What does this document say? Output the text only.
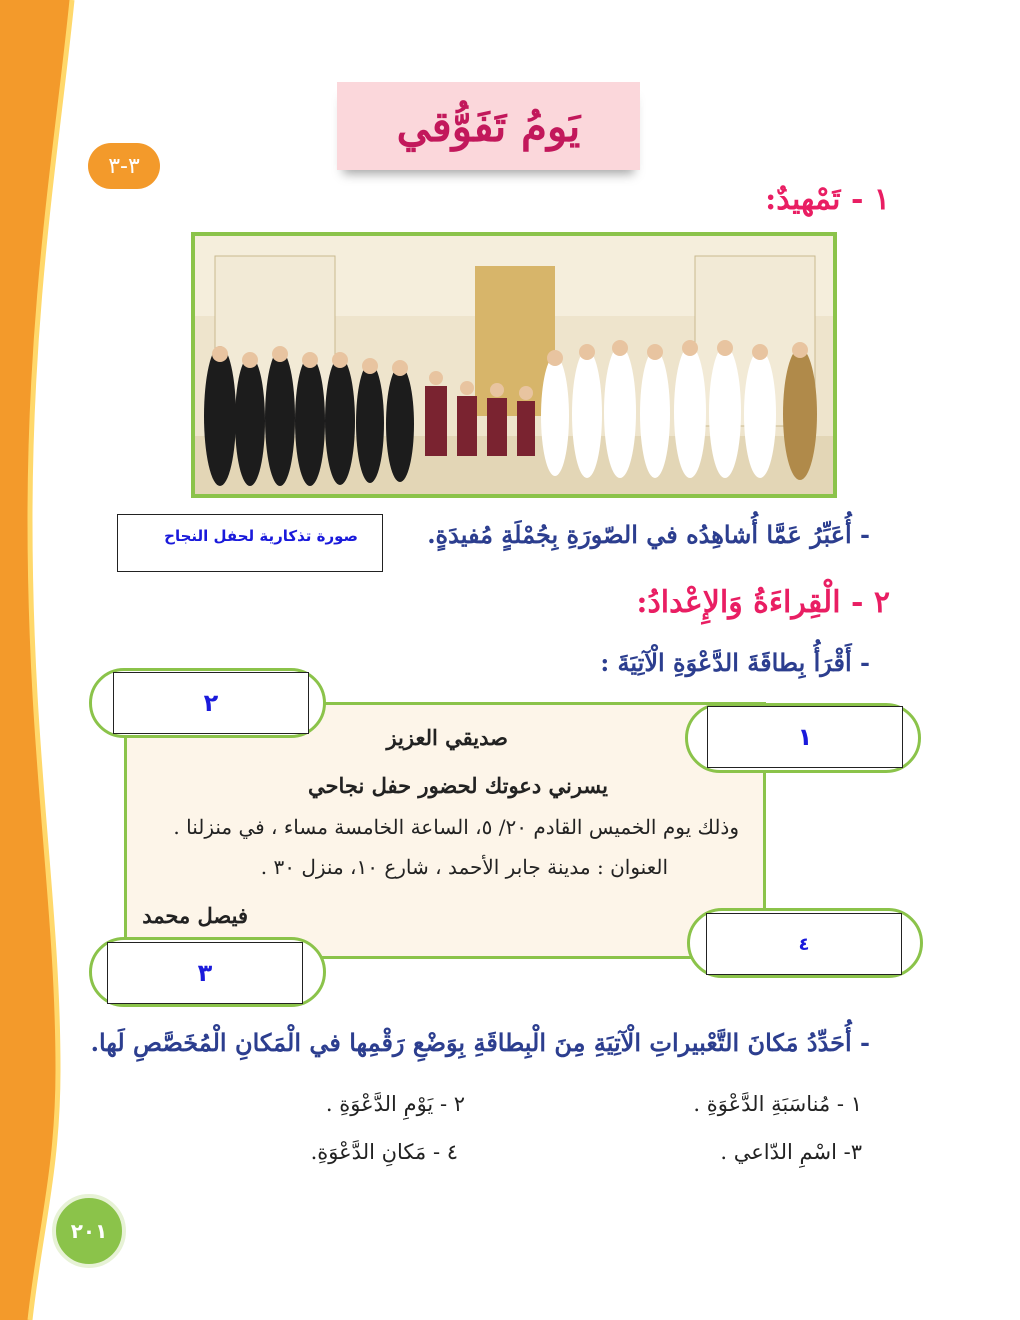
يَومُ تَفَوُّقي
٣-٣
١ - تَمْهيدٌ:
- أُعَبِّرُ عَمَّا أُشاهِدُه في الصّورَةِ بِجُمْلَةٍ مُفيدَةٍ.
صورة تذكارية لحفل النجاح
٢ - الْقِراءَةُ وَالإِعْدادُ:
- أَقْرَأُ بِطاقَةَ الدَّعْوَةِ الْآتِيَةَ :
صديقي العزيز
يسرني دعوتك لحضور حفل نجاحي
وذلك يوم الخميس القادم ٢٠/ ٥، الساعة الخامسة مساء ، في منزلنا .
العنوان : مدينة جابر الأحمد ، شارع ١٠، منزل ٣٠ .
فيصل محمد
٢
١
٤
٣
- أُحَدِّدُ مَكانَ التَّعْبيراتِ الْآتِيَةِ مِنَ الْبِطاقَةِ بِوَضْعِ رَقْمِها في الْمَكانِ الْمُخَصَّصِ لَها.
١ - مُناسَبَةِ الدَّعْوَةِ .
٢ - يَوْمِ الدَّعْوَةِ .
٣- اسْمِ الدّاعي .
٤ - مَكانِ الدَّعْوَةِ.
٢٠١
